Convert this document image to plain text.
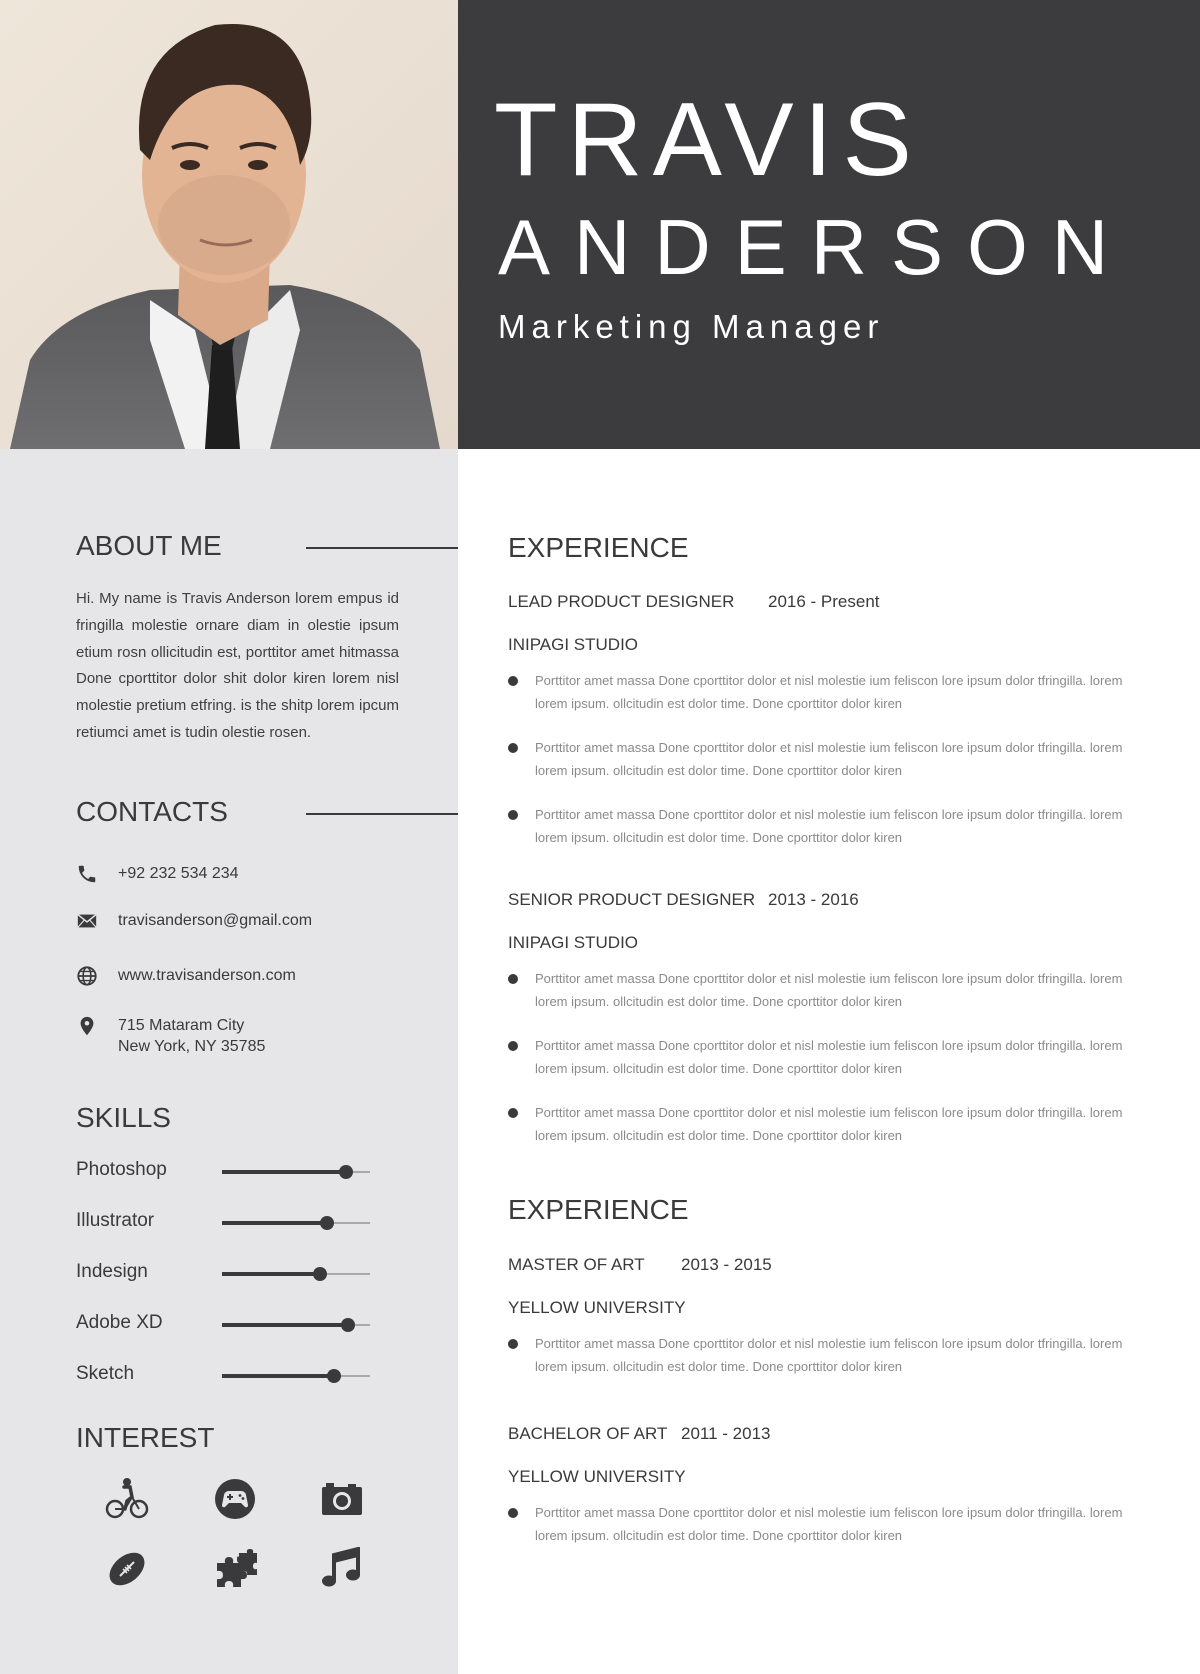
TRAVIS
ANDERSON
Marketing Manager
ABOUT ME
Hi. My name is Travis Anderson lorem empus id fringilla molestie ornare diam in olestie ipsum etium rosn ollicitudin est, porttitor amet hitmassa Done cporttitor dolor shit dolor kiren lorem nisl molestie pretium etfring. is the shitp lorem ipcum retiumci amet is tudin olestie rosen.
CONTACTS
+92 232 534 234
travisanderson@gmail.com
www.travisanderson.com
715 Mataram City
New York, NY 35785
SKILLS
Photoshop
Illustrator
Indesign
Adobe XD
Sketch
INTEREST
EXPERIENCE
LEAD PRODUCT DESIGNER 2016 - Present
INIPAGI STUDIO
Porttitor amet massa Done cporttitor dolor et nisl molestie ium feliscon lore ipsum dolor tfringilla. lorem lorem ipsum. ollcitudin est dolor time. Done cporttitor dolor kiren
Porttitor amet massa Done cporttitor dolor et nisl molestie ium feliscon lore ipsum dolor tfringilla. lorem lorem ipsum. ollcitudin est dolor time. Done cporttitor dolor kiren
Porttitor amet massa Done cporttitor dolor et nisl molestie ium feliscon lore ipsum dolor tfringilla. lorem lorem ipsum. ollcitudin est dolor time. Done cporttitor dolor kiren
SENIOR PRODUCT DESIGNER 2013 - 2016
INIPAGI STUDIO
Porttitor amet massa Done cporttitor dolor et nisl molestie ium feliscon lore ipsum dolor tfringilla. lorem lorem ipsum. ollcitudin est dolor time. Done cporttitor dolor kiren
Porttitor amet massa Done cporttitor dolor et nisl molestie ium feliscon lore ipsum dolor tfringilla. lorem lorem ipsum. ollcitudin est dolor time. Done cporttitor dolor kiren
Porttitor amet massa Done cporttitor dolor et nisl molestie ium feliscon lore ipsum dolor tfringilla. lorem lorem ipsum. ollcitudin est dolor time. Done cporttitor dolor kiren
EXPERIENCE
MASTER OF ART 2013 - 2015
YELLOW UNIVERSITY
Porttitor amet massa Done cporttitor dolor et nisl molestie ium feliscon lore ipsum dolor tfringilla. lorem lorem ipsum. ollcitudin est dolor time. Done cporttitor dolor kiren
BACHELOR OF ART 2011 - 2013
YELLOW UNIVERSITY
Porttitor amet massa Done cporttitor dolor et nisl molestie ium feliscon lore ipsum dolor tfringilla. lorem lorem ipsum. ollcitudin est dolor time. Done cporttitor dolor kiren
